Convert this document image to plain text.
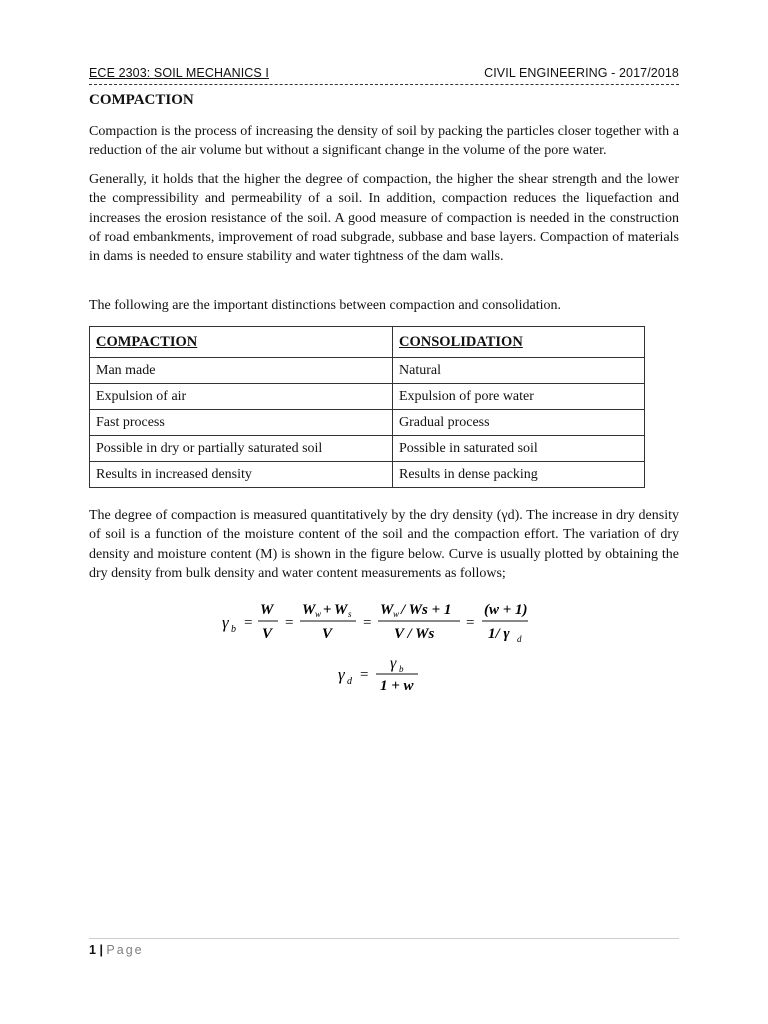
ECE 2303: SOIL MECHANICS I	CIVIL ENGINEERING - 2017/2018
COMPACTION

Compaction is the process of increasing the density of soil by packing the particles closer together with a reduction of the air volume but without a significant change in the volume of the pore water.

Generally, it holds that the higher the degree of compaction, the higher the shear strength and the lower the compressibility and permeability of a soil. In addition, compaction reduces the liquefaction and increases the erosion resistance of the soil. A good measure of compaction is needed in the construction of road embankments, improvement of road subgrade, subbase and base layers. Compaction of materials in dams is needed to ensure stability and water tightness of the dam walls.

The following are the important distinctions between compaction and consolidation.

COMPACTION	CONSOLIDATION
Man made	Natural
Expulsion of air	Expulsion of pore water
Fast process	Gradual process
Possible in dry or partially saturated soil	Possible in saturated soil
Results in increased density	Results in dense packing

The degree of compaction is measured quantitatively by the dry density (γd). The increase in dry density of soil is a function of the moisture content of the soil and the compaction effort. The variation of dry density and moisture content (M) is shown in the figure below. Curve is usually plotted by obtaining the dry density from bulk density and water content measurements as follows;

γ b =
W
V
=
W w + W s
V
=
W w / Ws + 1
V / Ws
=
(w + 1)
1/ γ d
γ d =
γ b
1 + w
1 | Page
